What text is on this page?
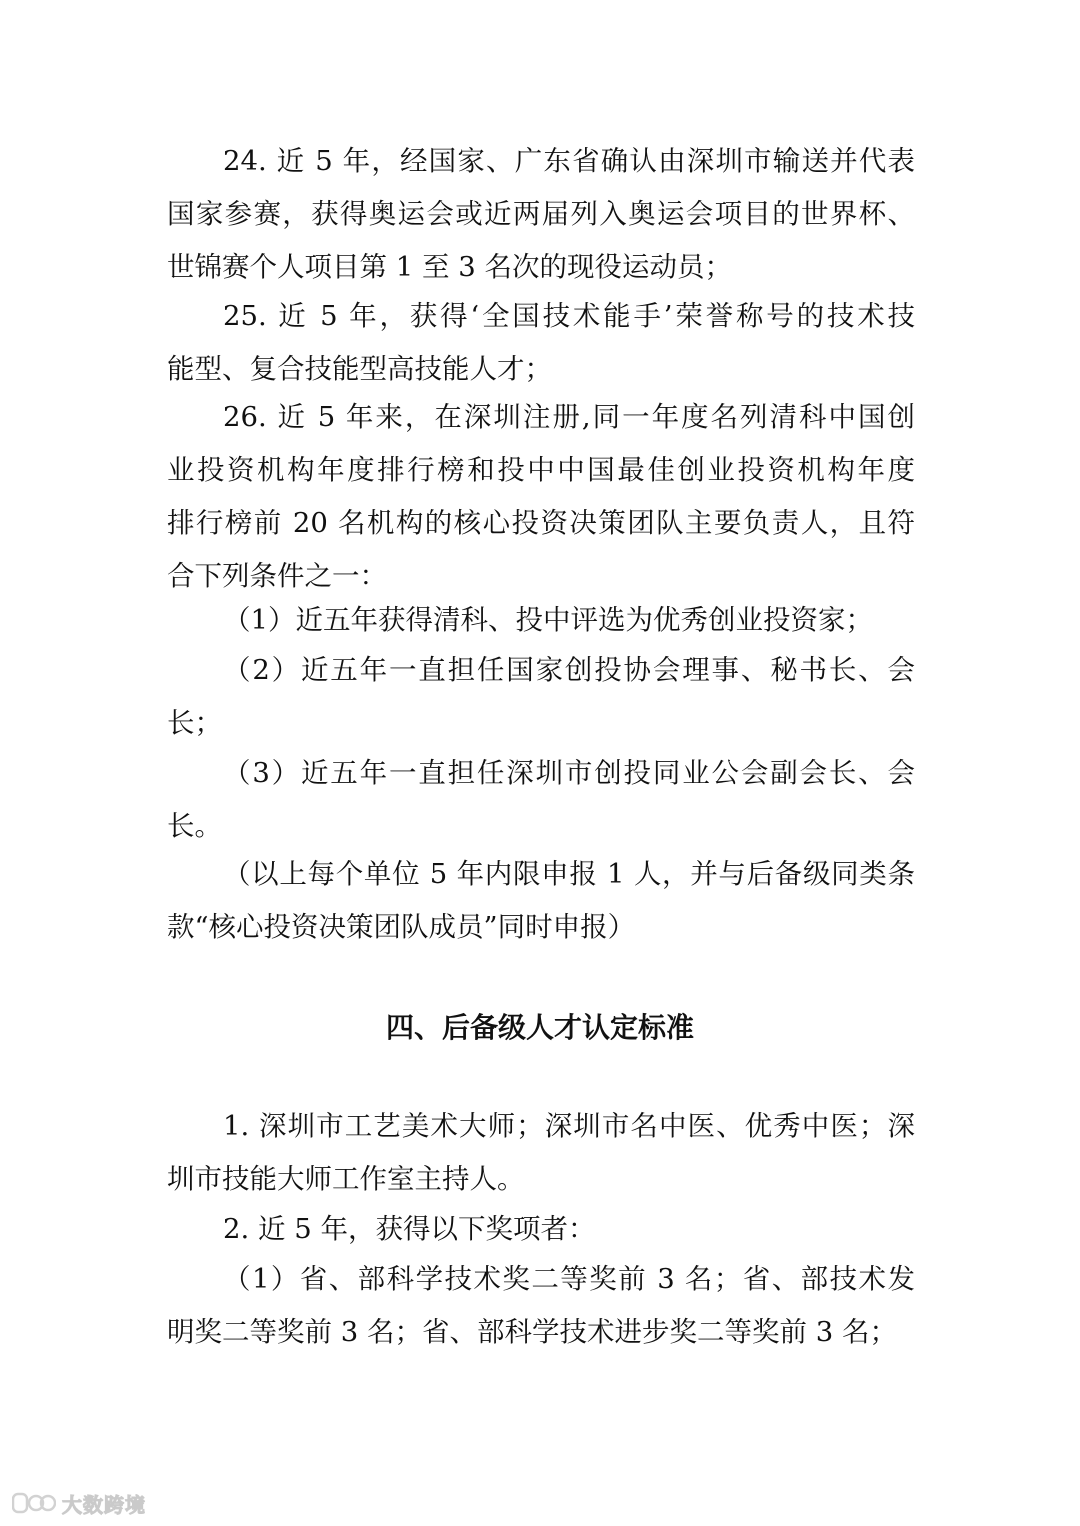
24. 近 5 年，经国家、广东省确认由深圳市输送并代表
国家参赛，获得奥运会或近两届列入奥运会项目的世界杯、
世锦赛个人项目第 1 至 3 名次的现役运动员；
25. 近 5 年，获得‘全国技术能手’荣誉称号的技术技
能型、复合技能型高技能人才；
26. 近 5 年来，在深圳注册,同一年度名列清科中国创
业投资机构年度排行榜和投中中国最佳创业投资机构年度
排行榜前 20 名机构的核心投资决策团队主要负责人，且符
合下列条件之一：
（1）近五年获得清科、投中评选为优秀创业投资家；
（2）近五年一直担任国家创投协会理事、秘书长、会
长；
（3）近五年一直担任深圳市创投同业公会副会长、会
长。
（以上每个单位 5 年内限申报 1 人，并与后备级同类条
款“核心投资决策团队成员”同时申报）
四、后备级人才认定标准
1. 深圳市工艺美术大师；深圳市名中医、优秀中医；深
圳市技能大师工作室主持人。
2. 近 5 年，获得以下奖项者：
（1）省、部科学技术奖二等奖前 3 名；省、部技术发
明奖二等奖前 3 名；省、部科学技术进步奖二等奖前 3 名；
大数跨境
